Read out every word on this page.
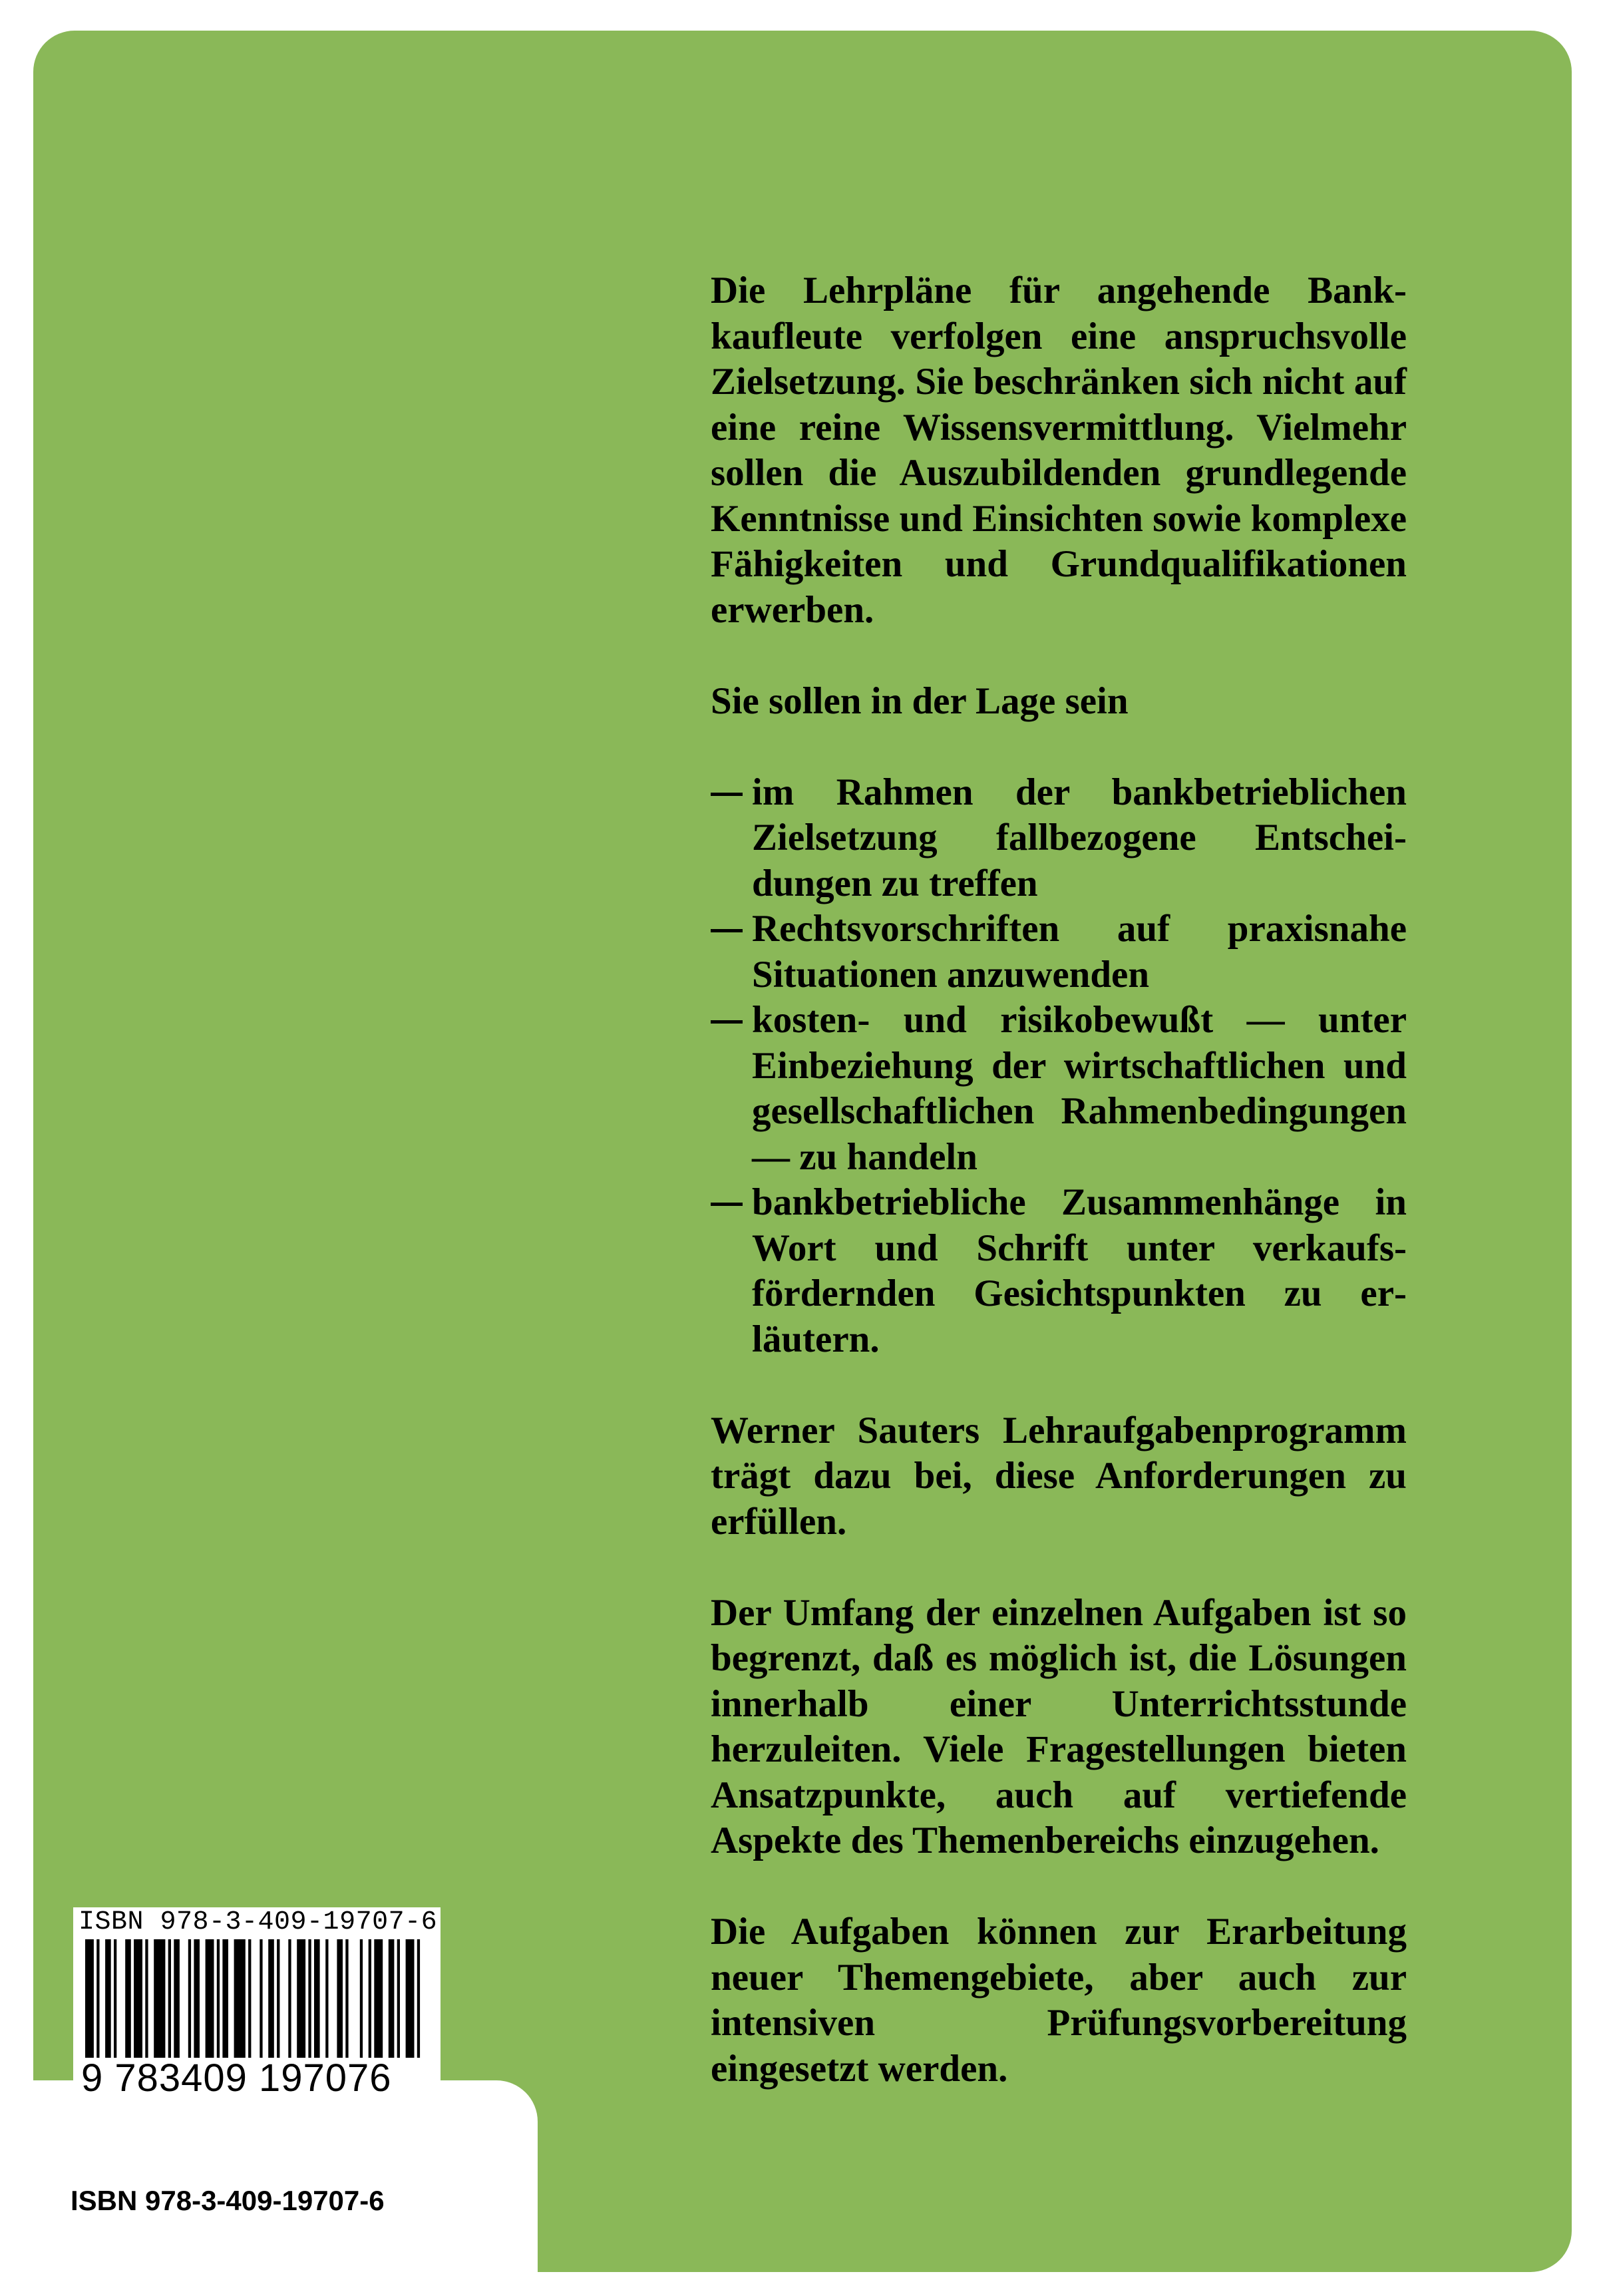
Die Lehrpläne für angehende Bankkaufleute verfolgen eine anspruchsvolle Zielsetzung. Sie beschränken sich nicht auf eine reine Wissensvermittlung. Vielmehr sollen die Auszubildenden grundlegende Kenntnisse und Einsichten sowie komplexe Fähigkeiten und Grundqualifikationen erwerben.

Sie sollen in der Lage sein

im Rahmen der bankbetrieblichen Zielsetzung fallbezogene Entscheidungen zu treffen
Rechtsvorschriften auf praxisnahe Situationen anzuwenden
kosten- und risikobewußt — unter Einbeziehung der wirtschaftlichen und gesellschaftlichen Rahmenbedingungen — zu handeln
bankbetriebliche Zusammenhänge in Wort und Schrift unter verkaufsfördernden Gesichtspunkten zu erläutern.

Werner Sauters Lehraufgabenprogramm trägt dazu bei, diese Anforderungen zu erfüllen.

Der Umfang der einzelnen Aufgaben ist so begrenzt, daß es möglich ist, die Lösungen innerhalb einer Unterrichtsstunde herzuleiten. Viele Fragestellungen bieten Ansatzpunkte, auch auf vertiefende Aspekte des Themenbereichs einzugehen.

Die Aufgaben können zur Erarbeitung neuer Themengebiete, aber auch zur intensiven Prüfungsvorbereitung eingesetzt werden.

ISBN 978-3-409-19707-6
9 783409 197076
ISBN 978-3-409-19707-6
